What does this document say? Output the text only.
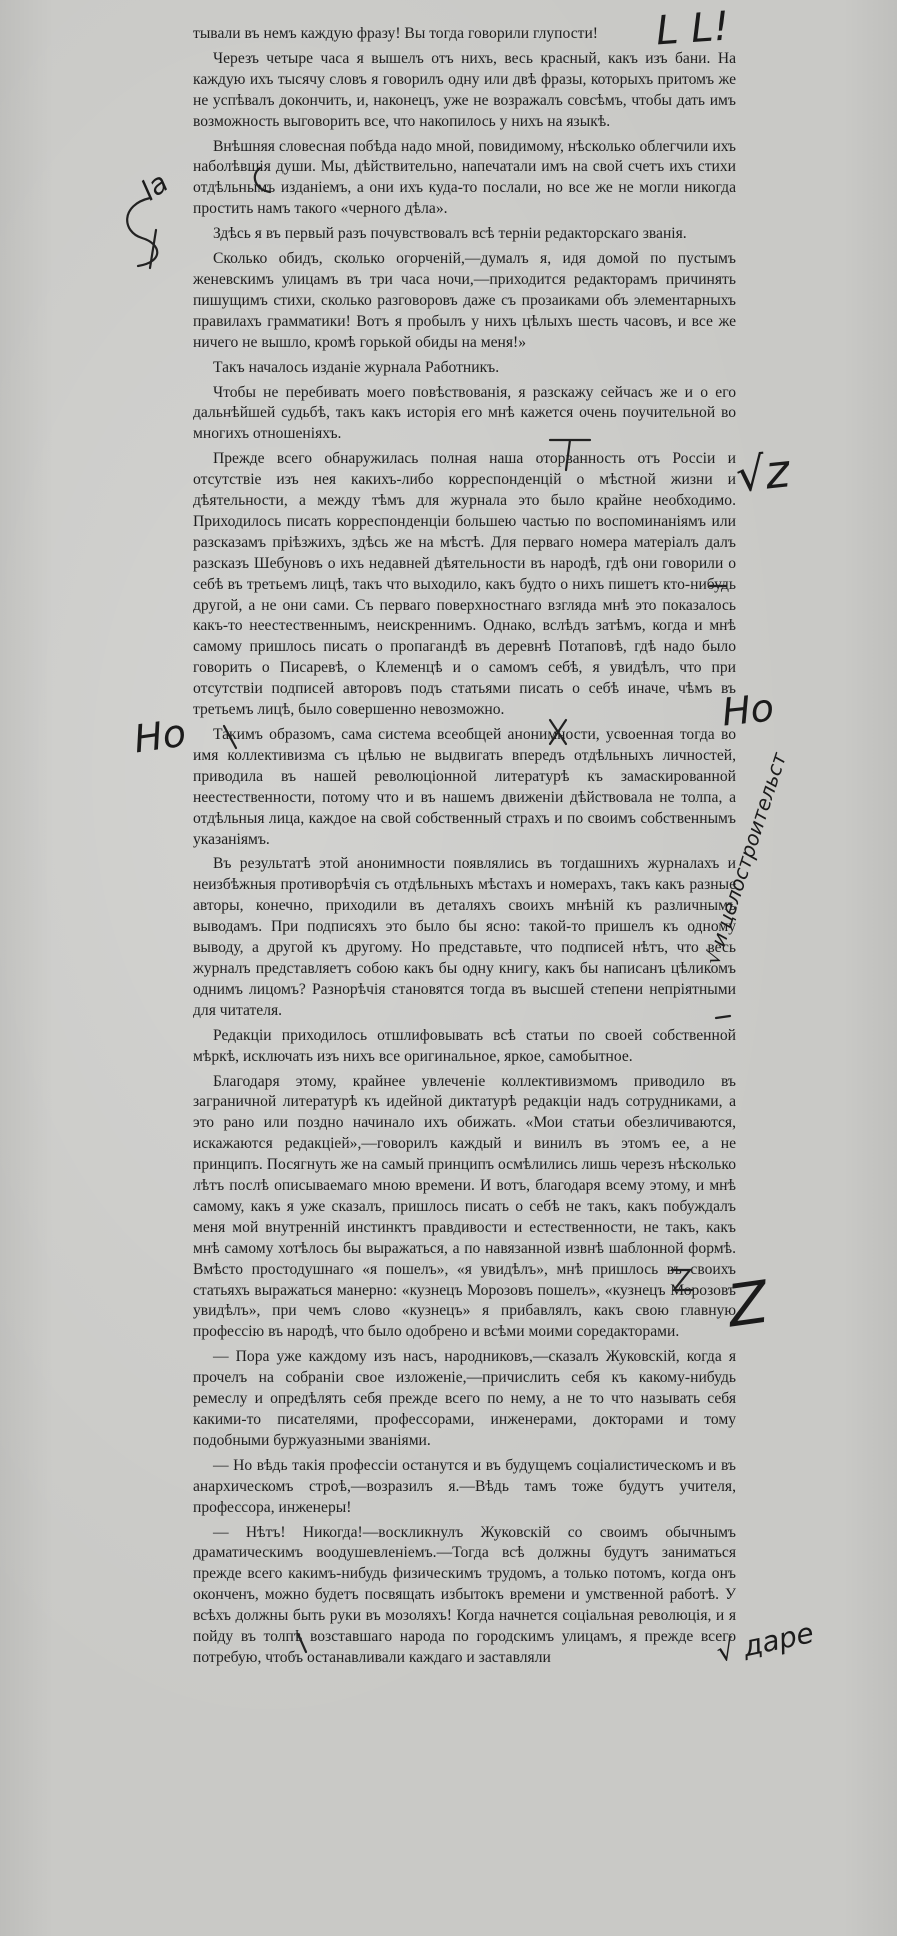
тывали въ немъ каждую фразу! Вы тогда говорили глупости!

Черезъ четыре часа я вышелъ отъ нихъ, весь красный, какъ изъ бани. На каждую ихъ тысячу словъ я говорилъ одну или двѣ фразы, которыхъ притомъ же не успѣвалъ докончить, и, наконецъ, уже не возражалъ совсѣмъ, чтобы дать имъ возможность выговорить все, что накопилось у нихъ на языкѣ.

Внѣшняя словесная побѣда надо мной, повидимому, нѣсколько облегчили ихъ наболѣвшія души. Мы, дѣйствительно, напечатали имъ на свой счетъ ихъ стихи отдѣльнымъ изданіемъ, а они ихъ куда-то послали, но все же не могли никогда простить намъ такого «черного дѣла».

Здѣсь я въ первый разъ почувствовалъ всѣ терніи редакторскаго званія.

Сколько обидъ, сколько огорченій,—думалъ я, идя домой по пустымъ женевскимъ улицамъ въ три часа ночи,—приходится редакторамъ причинять пишущимъ стихи, сколько разговоровъ даже съ прозаиками объ элементарныхъ правилахъ грамматики! Вотъ я пробылъ у нихъ цѣлыхъ шесть часовъ, и все же ничего не вышло, кромѣ горькой обиды на меня!»

Такъ началось изданіе журнала Работникъ.

Чтобы не перебивать моего повѣствованія, я разскажу сейчасъ же и о его дальнѣйшей судьбѣ, такъ какъ исторія его мнѣ кажется очень поучительной во многихъ отношеніяхъ.

Прежде всего обнаружилась полная наша оторванность отъ Россіи и отсутствіе изъ нея какихъ-либо корреспонденцій о мѣстной жизни и дѣятельности, а между тѣмъ для журнала это было крайне необходимо. Приходилось писать корреспонденціи большею частью по воспоминаніямъ или разсказамъ пріѣзжихъ, здѣсь же на мѣстѣ. Для перваго номера матеріалъ далъ разсказъ Шебуновъ о ихъ недавней дѣятельности въ народѣ, гдѣ они говорили о себѣ въ третьемъ лицѣ, такъ что выходило, какъ будто о нихъ пишетъ кто-нибудь другой, а не они сами. Съ перваго поверхностнаго взгляда мнѣ это показалось какъ-то неестественнымъ, неискреннимъ. Однако, вслѣдъ затѣмъ, когда и мнѣ самому пришлось писать о пропагандѣ въ деревнѣ Потаповѣ, гдѣ надо было говорить о Писаревѣ, о Клеменцѣ и о самомъ себѣ, я увидѣлъ, что при отсутствіи подписей авторовъ подъ статьями писать о себѣ иначе, чѣмъ въ третьемъ лицѣ, было совершенно невозможно.

Такимъ образомъ, сама система всеобщей анонимности, усвоенная тогда во имя коллективизма съ цѣлью не выдвигать впередъ отдѣльныхъ личностей, приводила въ нашей революціонной литературѣ къ замаскированной неестественности, потому что и въ нашемъ движеніи дѣйствовала не толпа, а отдѣльныя лица, каждое на свой собственный страхъ и по своимъ собственнымъ указаніямъ.

Въ результатѣ этой анонимности появлялись въ тогдашнихъ журналахъ и неизбѣжныя противорѣчія съ отдѣльныхъ мѣстахъ и номерахъ, такъ какъ разные авторы, конечно, приходили въ деталяхъ своихъ мнѣній къ различнымъ выводамъ. При подписяхъ это было бы ясно: такой-то пришелъ къ одному выводу, а другой къ другому. Но представьте, что подписей нѣтъ, что весь журналъ представляетъ собою какъ бы одну книгу, какъ бы написанъ цѣликомъ однимъ лицомъ? Разнорѣчія становятся тогда въ высшей степени непріятными для читателя.

Редакціи приходилось отшлифовывать всѣ статьи по своей собственной мѣркѣ, исключать изъ нихъ все оригинальное, яркое, самобытное.

Благодаря этому, крайнее увлеченіе коллективизмомъ приводило въ заграничной литературѣ къ идейной диктатурѣ редакціи надъ сотрудниками, а это рано или поздно начинало ихъ обижать. «Мои статьи обезличиваются, искажаются редакціей»,—говорилъ каждый и винилъ въ этомъ ее, а не принципъ. Посягнуть же на самый принципъ осмѣлились лишь черезъ нѣсколько лѣтъ послѣ описываемаго мною времени. И вотъ, благодаря всему этому, и мнѣ самому, какъ я уже сказалъ, пришлось писать о себѣ не такъ, какъ побуждалъ меня мой внутренній инстинктъ правдивости и естественности, не такъ, какъ мнѣ самому хотѣлось бы выражаться, а по навязанной извнѣ шаблонной формѣ. Вмѣсто простодушнаго «я пошелъ», «я увидѣлъ», мнѣ пришлось въ своихъ статьяхъ выражаться манерно: «кузнецъ Морозовъ пошелъ», «кузнецъ Морозовъ увидѣлъ», при чемъ слово «кузнецъ» я прибавлялъ, какъ свою главную профессію въ народѣ, что было одобрено и всѣми моими соредакторами.

— Пора уже каждому изъ насъ, народниковъ,—сказалъ Жуковскій, когда я прочелъ на собраніи свое изложеніе,—причислить себя къ какому-нибудь ремеслу и опредѣлять себя прежде всего по нему, а не то что называть себя какими-то писателями, профессорами, инженерами, докторами и тому подобными буржуазными званіями.

— Но вѣдь такія профессіи останутся и въ будущемъ соціалистическомъ и въ анархическомъ строѣ,—возразилъ я.—Вѣдь тамъ тоже будутъ учителя, профессора, инженеры!

— Нѣтъ! Никогда!—воскликнулъ Жуковскій со своимъ обычнымъ драматическимъ воодушевленіемъ.—Тогда всѣ должны будутъ заниматься прежде всего какимъ-нибудь физическимъ трудомъ, а только потомъ, когда онъ оконченъ, можно будетъ посвящать избытокъ времени и умственной работѣ. У всѣхъ должны быть руки въ мозоляхъ! Когда начнется соціальная революція, и я пойду въ толпѣ возставшаго народа по городскимъ улицамъ, я прежде всего потребую, чтобъ останавливали каждаго и заставляли

L L!
la
√z
Ho
Ho
√ и целостроительст
Z
√ даре
